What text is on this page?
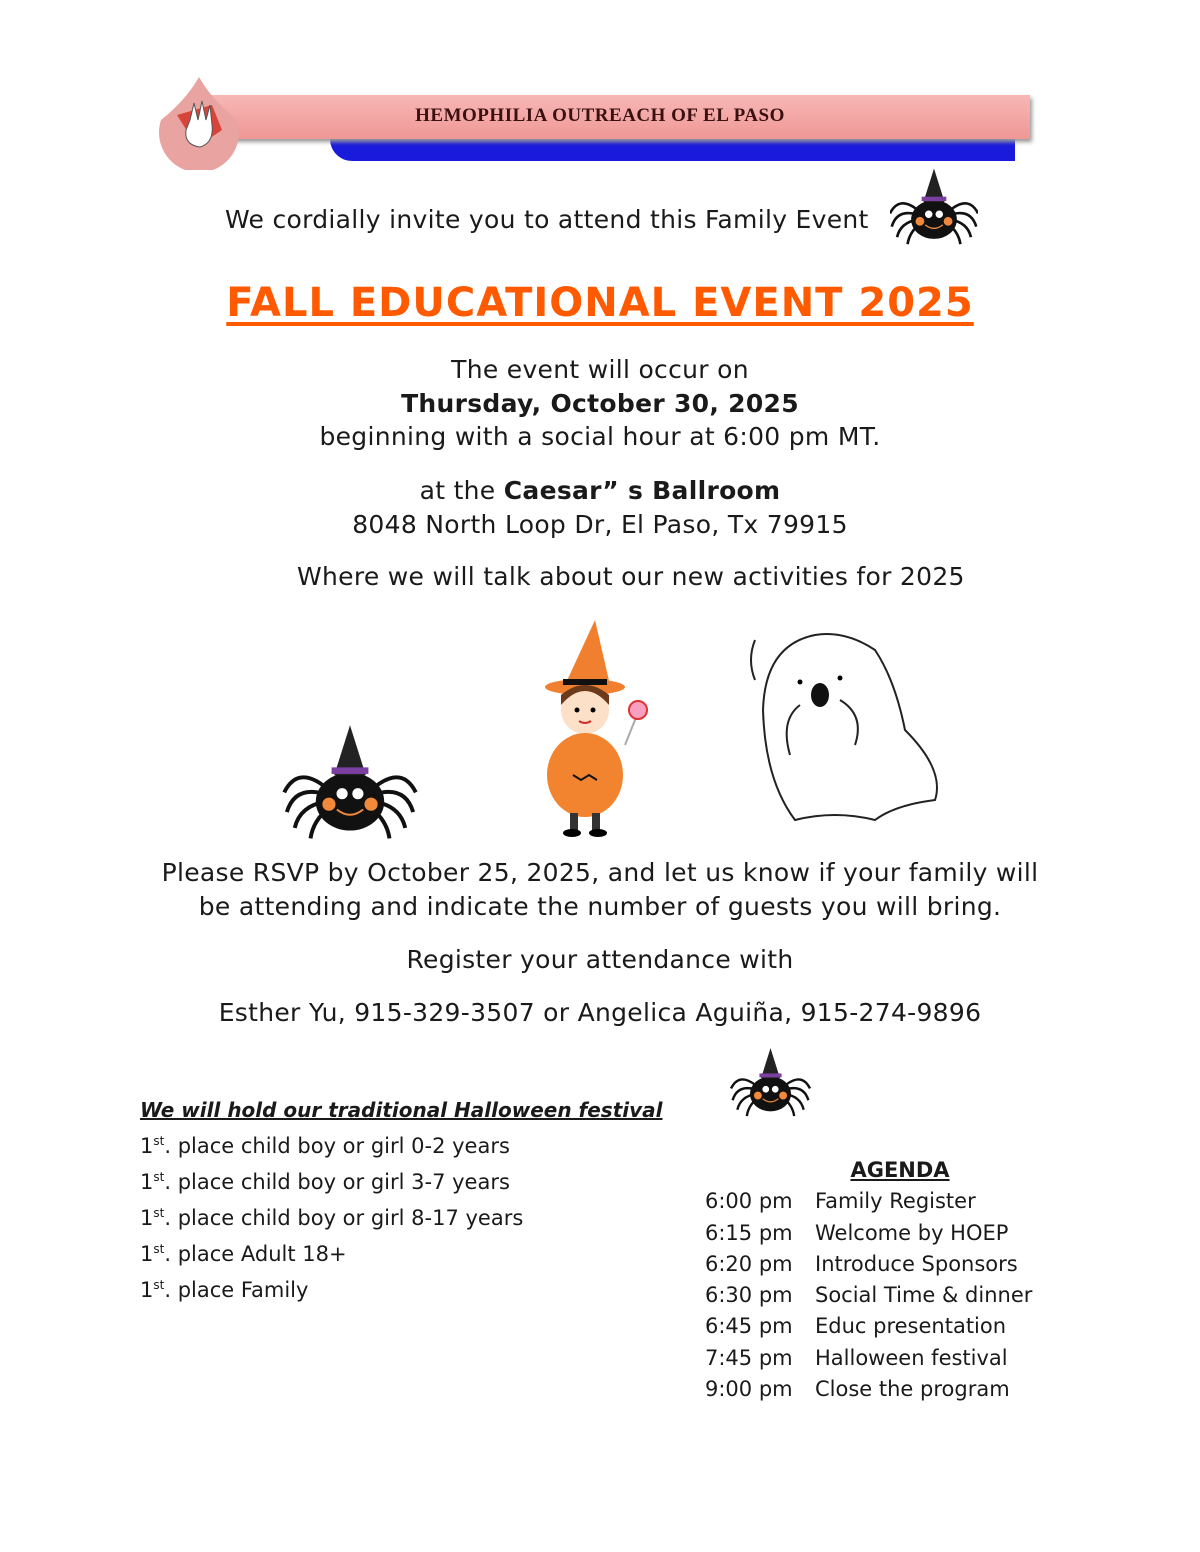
HEMOPHILIA OUTREACH OF EL PASO
We cordially invite you to attend this Family Event
FALL EDUCATIONAL EVENT 2025
The event will occur on
Thursday, October 30, 2025
beginning with a social hour at 6:00 pm MT.
at the Caesar” s Ballroom
8048 North Loop Dr, El Paso, Tx 79915
Where we will talk about our new activities for 2025
Please RSVP by October 25, 2025, and let us know if your family will
be attending and indicate the number of guests you will bring.
Register your attendance with
Esther Yu, 915-329-3507 or Angelica Aguiña, 915-274-9896
We will hold our traditional Halloween festival
1st. place child boy or girl 0-2 years
1st. place child boy or girl 3-7 years
1st. place child boy or girl 8-17 years
1st. place Adult 18+
1st. place Family
AGENDA
6:00 pm Family Register
6:15 pm Welcome by HOEP
6:20 pm Introduce Sponsors
6:30 pm Social Time & dinner
6:45 pm Educ presentation
7:45 pm Halloween festival
9:00 pm Close the program
